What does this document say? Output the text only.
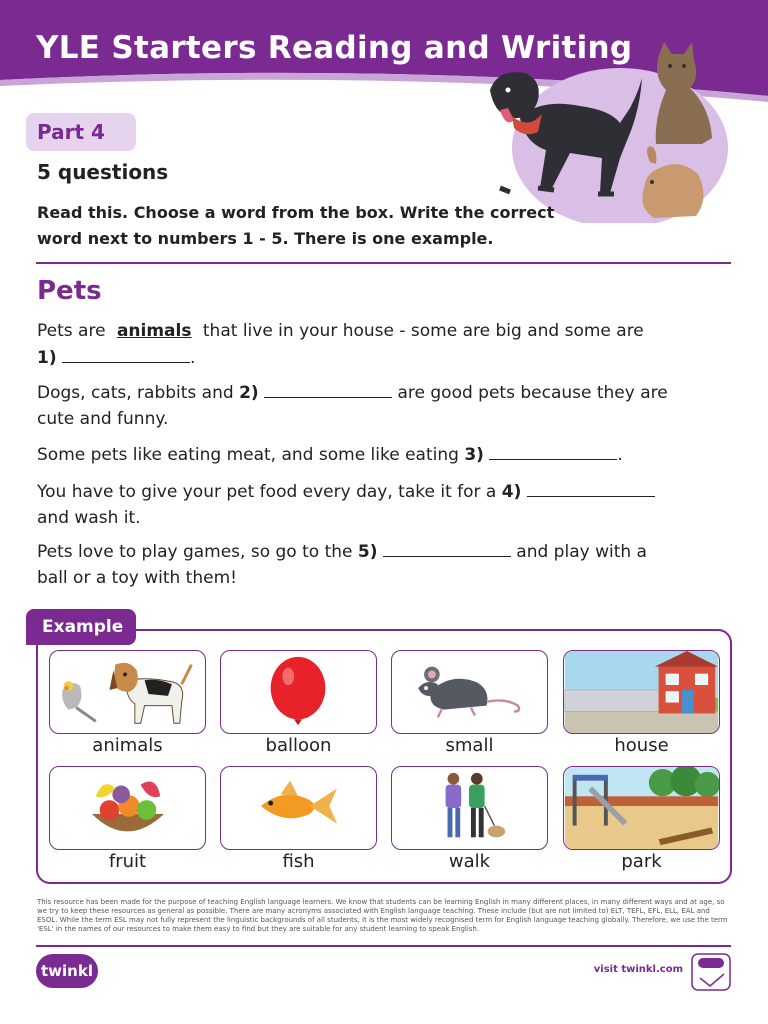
YLE Starters Reading and Writing
Part 4
5 questions
Read this. Choose a word from the box. Write the correct
word next to numbers 1 - 5. There is one example.
Pets
Pets are animals that live in your house - some are big and some are
1)	.
Dogs, cats, rabbits and 2)	are good pets because they are
cute and funny.
Some pets like eating meat, and some like eating 3)	.
You have to give your pet food every day, take it for a 4)
and wash it.
Pets love to play games, so go to the 5)	and play with a
ball or a toy with them!
Example
animals	balloon	small	house
fruit	fish	walk	park
This resource has been made for the purpose of teaching English language learners. We know that students can be learning English in many different places, in many different ways and at age, so we try to keep these resources as general as possible. There are many acronyms associated with English language teaching. These include (but are not limited to) ELT, TEFL, EFL, ELL, EAL and ESOL. While the term ESL may not fully represent the linguistic backgrounds of all students, it is the most widely recognised term for English language teaching globally. Therefore, we use the term 'ESL' in the names of our resources to make them easy to find but they are suitable for any student learning to speak English.
twinkl	visit twinkl.com
